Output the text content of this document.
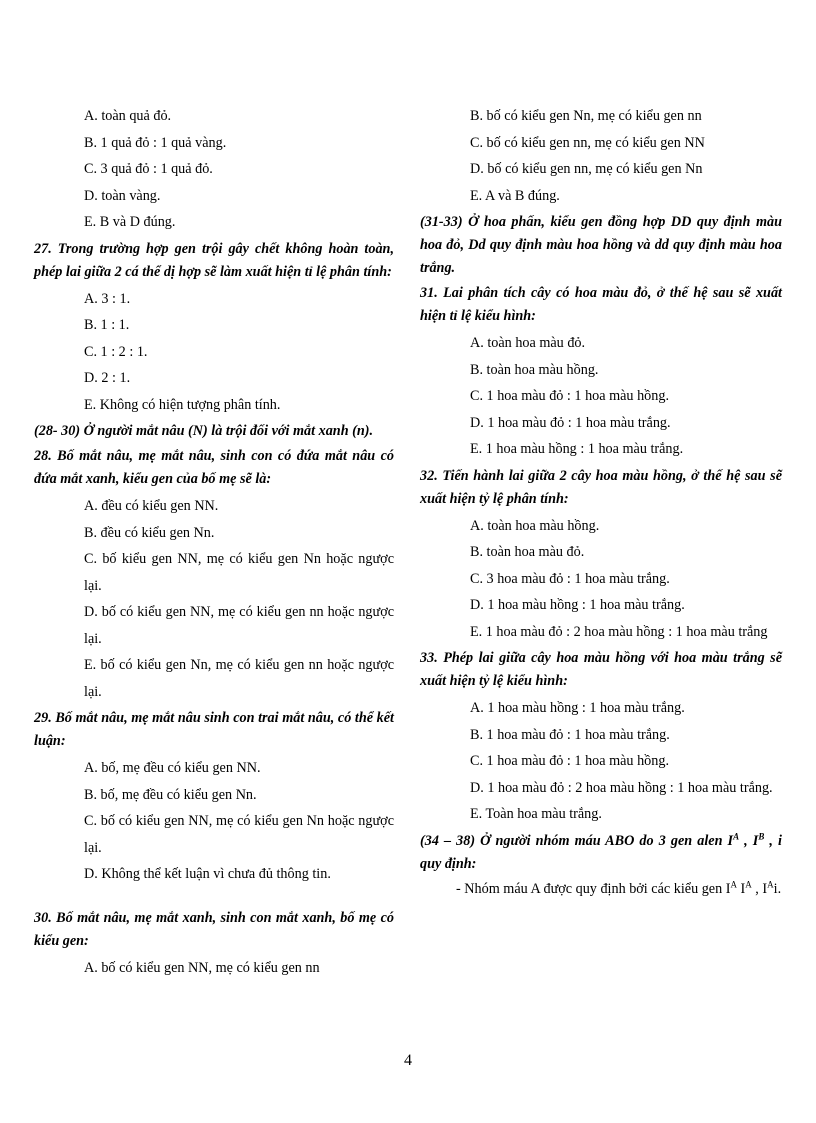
A. toàn quả đỏ.
B. 1 quả đỏ : 1 quả vàng.
C. 3 quả đỏ : 1 quả đỏ.
D. toàn vàng.
E. B và D đúng.
27. Trong trường hợp gen trội gây chết không hoàn toàn, phép lai giữa 2 cá thể dị hợp sẽ làm xuất hiện tỉ lệ phân tính:
A. 3 : 1.
B. 1 : 1.
C. 1 : 2 : 1.
D. 2 : 1.
E. Không có hiện tượng phân tính.
(28- 30) Ở người mắt nâu (N) là trội đối với mắt xanh (n).
28. Bố mắt nâu, mẹ mắt nâu, sinh con có đứa mắt nâu có đứa mắt xanh, kiểu gen của bố mẹ sẽ là:
A. đều có kiểu gen NN.
B. đều có kiểu gen Nn.
C. bố kiểu gen NN, mẹ có kiểu gen Nn hoặc ngược lại.
D. bố có kiểu gen NN, mẹ có kiểu gen nn hoặc ngược lại.
E. bố có kiểu gen Nn, mẹ có kiểu gen nn hoặc ngược lại.
29. Bố mắt nâu, mẹ mắt nâu sinh con trai mắt nâu, có thể kết luận:
A. bố, mẹ đều có kiểu gen NN.
B. bố, mẹ đều có kiểu gen Nn.
C. bố có kiểu gen NN, mẹ có kiểu gen Nn hoặc ngược lại.
D. Không thể kết luận vì chưa đủ thông tin.
30. Bố mắt nâu, mẹ mắt xanh, sinh con mắt xanh, bố mẹ có kiểu gen:
A. bố có kiểu gen NN, mẹ có kiểu gen nn
B. bố có kiểu gen Nn, mẹ có kiểu gen nn
C. bố có kiểu gen nn, mẹ có kiểu gen NN
D. bố có kiểu gen nn, mẹ có kiểu gen Nn
E. A và B đúng.
(31-33) Ở hoa phấn, kiểu gen đồng hợp DD quy định màu hoa đỏ, Dd quy định màu hoa hồng và dd quy định màu hoa trắng.
31. Lai phân tích cây có hoa màu đỏ, ở thế hệ sau sẽ xuất hiện tỉ lệ kiểu hình:
A. toàn hoa màu đỏ.
B. toàn hoa màu hồng.
C. 1 hoa màu đỏ : 1 hoa màu hồng.
D. 1 hoa màu đỏ : 1 hoa màu trắng.
E. 1 hoa màu hồng : 1 hoa màu trắng.
32. Tiến hành lai giữa 2 cây hoa màu hồng, ở thế hệ sau sẽ xuất hiện tỷ lệ phân tính:
A. toàn hoa màu hồng.
B. toàn hoa màu đỏ.
C. 3 hoa màu đỏ : 1 hoa màu trắng.
D. 1 hoa màu hồng : 1 hoa màu trắng.
E. 1 hoa màu đỏ : 2 hoa màu hồng : 1 hoa màu trắng
33. Phép lai giữa cây hoa màu hồng với hoa màu trắng sẽ xuất hiện tỷ lệ kiểu hình:
A. 1 hoa màu hồng : 1 hoa màu trắng.
B. 1 hoa màu đỏ : 1 hoa màu trắng.
C. 1 hoa màu đỏ : 1 hoa màu hồng.
D. 1 hoa màu đỏ : 2 hoa màu hồng : 1 hoa màu trắng.
E. Toàn hoa màu trắng.
(34 – 38) Ở người nhóm máu ABO do 3 gen alen $I^A$ , $I^B$ , i quy định:
- Nhóm máu A được quy định bởi các kiểu gen $I^A$ $I^A$ , $I^Ai$.
4
